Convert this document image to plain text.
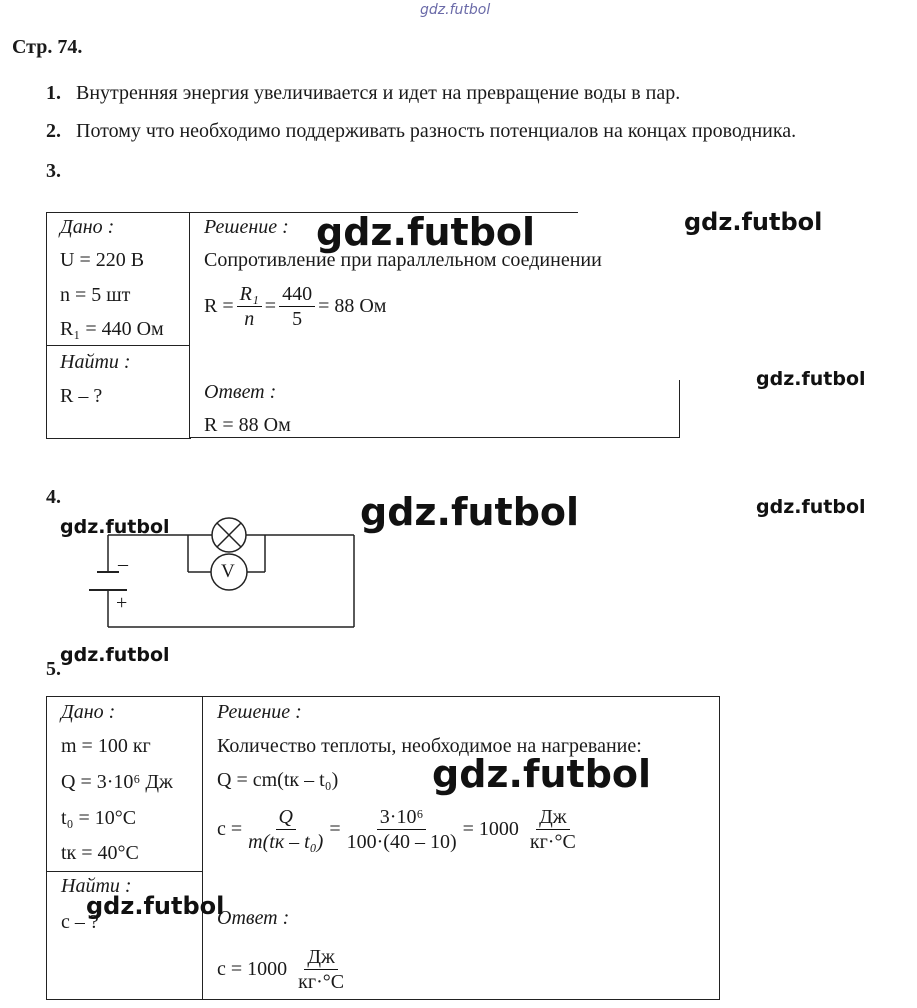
gdz.futbol
Стр. 74.
1. Внутренняя энергия увеличивается и идет на превращение воды в пар.
2. Потому что необходимо поддерживать разность потенциалов на концах проводника.
3.
Дано :
U = 220 В
n = 5 шт
R₁ = 440 Ом
Найти :
R – ?
Решение :
Сопротивление при параллельном соединении
$R = \frac{\text{R₁}}{n} = \frac{440}{5} = 88$ Ом
Ответ :
R = 88 Ом
4.
V
–
+
5.
Дано :
m = 100 кг
Q = 3·10⁶ Дж
t₀ = 10°C
tк = 40°C
Найти :
c – ?
Решение :
Количество теплоты, необходимое на нагревание:
Q = cm(tк – t₀)
$c = \frac{Q}{\text{m(tк – t₀)}} = \frac{\text{3·10⁶}}{100\cdot(40 - 10)} = 1000 \frac{Дж}{кг\cdot^\circ C}$
Ответ :
$c = 1000 \frac{Дж}{кг\cdot^\circ C}$
gdz.futbol	gdz.futbol
gdz.futbol
gdz.futbol	gdz.futbol
gdz.futbol
gdz.futbol
gdz.futbol
gdz.futbol
